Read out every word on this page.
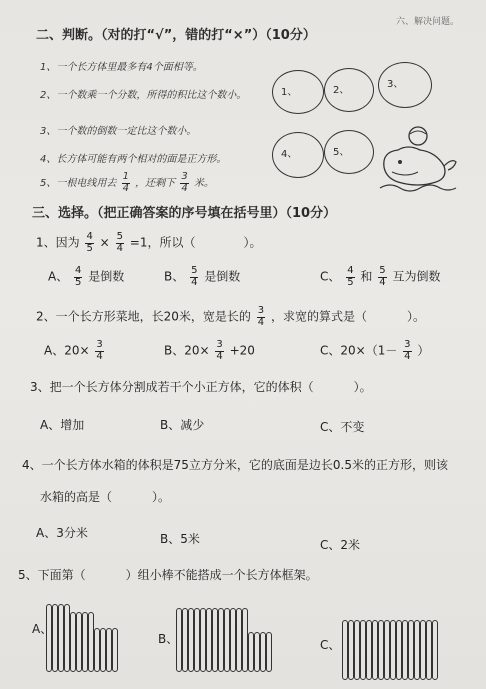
六、解决问题。
二、判断。（对的打“√”，错的打“×”）（10分）
1、一个长方体里最多有4个面相等。
2、一个数乘一个分数，所得的积比这个数小。
3、一个数的倒数一定比这个数小。
4、长方体可能有两个相对的面是正方形。
5、一根电线用去 $\frac{1}{4}$ ，还剩下 $\frac{3}{4}$ 米。
1、	2、
3、
4、	5、
三、选择。（把正确答案的序号填在括号里）（10分）
1、因为 $\frac{4}{5} \times \frac{5}{4} =1$，所以（	）。
A、 $\frac{4}{5}$ 是倒数	B、 $\frac{5}{4}$ 是倒数	C、 $\frac{4}{5}$ 和 $\frac{5}{4}$ 互为倒数
2、一个长方形菜地，长20米，宽是长的 $\frac{3}{4}$ ，求宽的算式是（	）。
A、$20\times \frac{3}{4}$	B、$20\times \frac{3}{4} +20$	C、$20\times(1- \frac{3}{4}$ ）
3、把一个长方体分割成若干个小正方体，它的体积（	）。
A、增加	B、减少	C、不变
4、一个长方体水箱的体积是75立方分米，它的底面是边长0.5米的正方形，则该
水箱的高是（	）。
A、3分米	B、5米	C、2米
5、下面第（	）组小棒不能搭成一个长方体框架。
A、
B、	C、
